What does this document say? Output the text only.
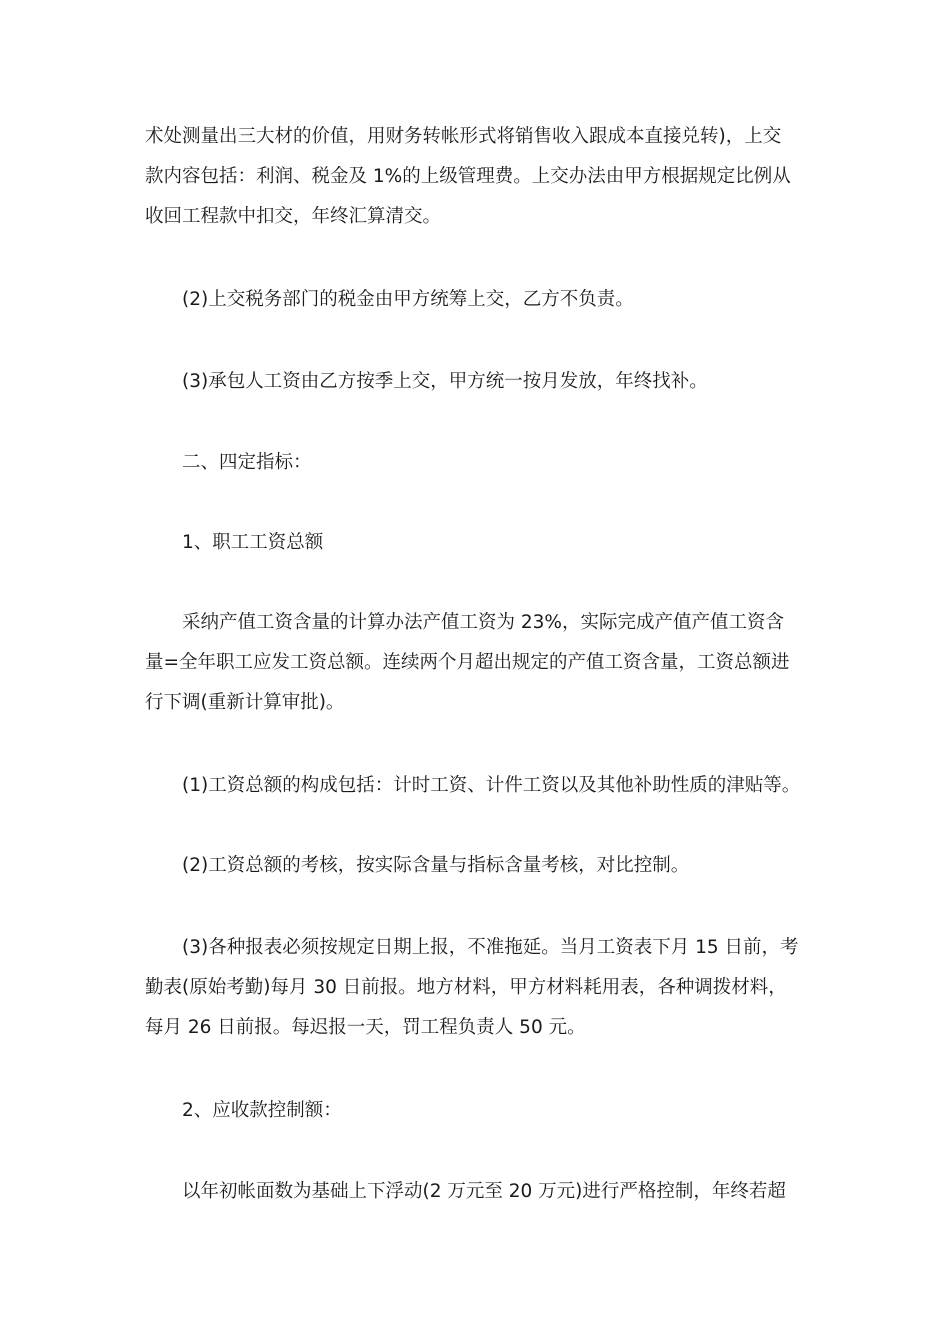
术处测量出三大材的价值，用财务转帐形式将销售收入跟成本直接兑转)，上交
款内容包括：利润、税金及 1%的上级管理费。上交办法由甲方根据规定比例从
收回工程款中扣交，年终汇算清交。

(2)上交税务部门的税金由甲方统筹上交，乙方不负责。

(3)承包人工资由乙方按季上交，甲方统一按月发放，年终找补。

二、四定指标：

1、职工工资总额

采纳产值工资含量的计算办法产值工资为 23%，实际完成产值产值工资含
量=全年职工应发工资总额。连续两个月超出规定的产值工资含量，工资总额进
行下调(重新计算审批)。

(1)工资总额的构成包括：计时工资、计件工资以及其他补助性质的津贴等。

(2)工资总额的考核，按实际含量与指标含量考核，对比控制。

(3)各种报表必须按规定日期上报，不准拖延。当月工资表下月 15 日前，考
勤表(原始考勤)每月 30 日前报。地方材料，甲方材料耗用表，各种调拨材料，
每月 26 日前报。每迟报一天，罚工程负责人 50 元。

2、应收款控制额：

以年初帐面数为基础上下浮动(2 万元至 20 万元)进行严格控制，年终若超
